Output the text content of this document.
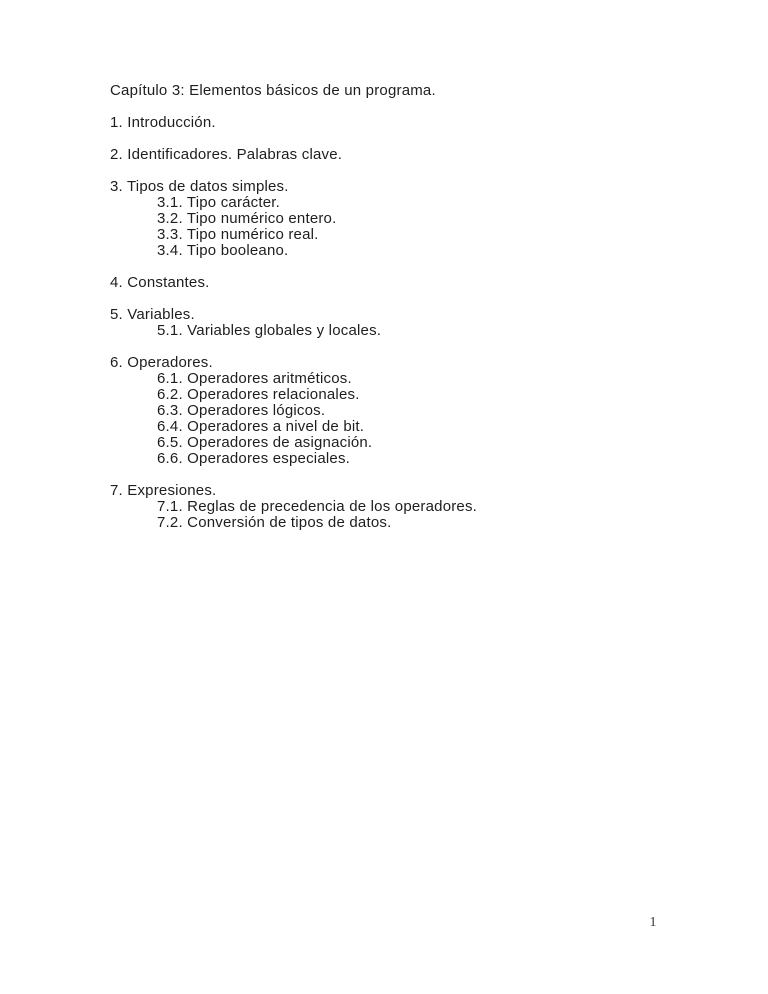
Capítulo 3: Elementos básicos de un programa.
1. Introducción.
2. Identificadores. Palabras clave.
3. Tipos de datos simples.
3.1. Tipo carácter.
3.2. Tipo numérico entero.
3.3. Tipo numérico real.
3.4. Tipo booleano.
4. Constantes.
5. Variables.
5.1. Variables globales y locales.
6. Operadores.
6.1. Operadores aritméticos.
6.2. Operadores relacionales.
6.3. Operadores lógicos.
6.4. Operadores a nivel de bit.
6.5. Operadores de asignación.
6.6. Operadores especiales.
7. Expresiones.
7.1. Reglas de precedencia de los operadores.
7.2. Conversión de tipos de datos.
1
